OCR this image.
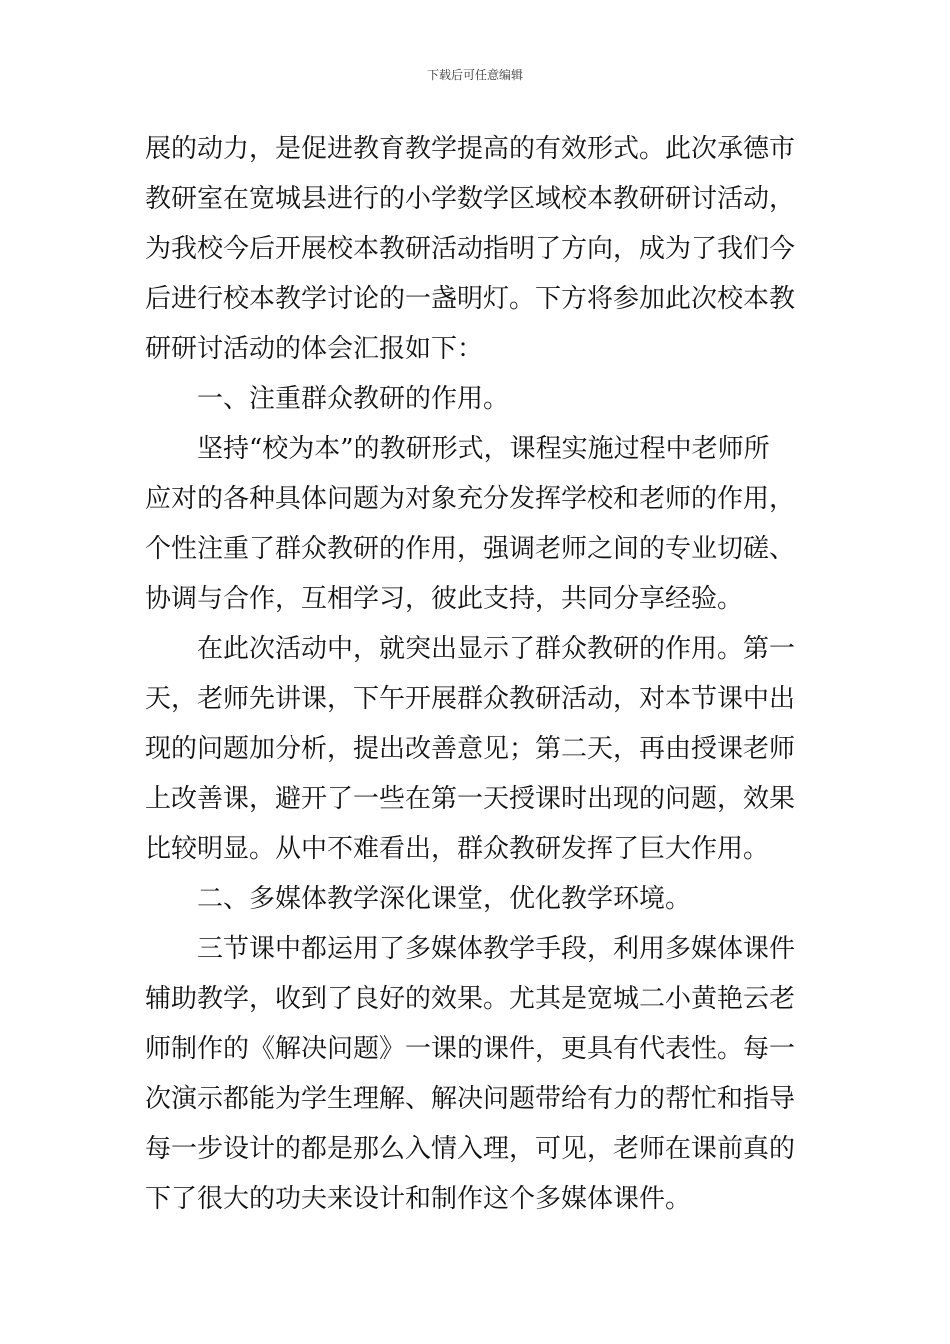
下载后可任意编辑
展的动力，是促进教育教学提高的有效形式。此次承德市
教研室在宽城县进行的小学数学区域校本教研研讨活动，
为我校今后开展校本教研活动指明了方向，成为了我们今
后进行校本教学讨论的一盏明灯。下方将参加此次校本教
研研讨活动的体会汇报如下：
一、注重群众教研的作用。
坚持“校为本”的教研形式，课程实施过程中老师所
应对的各种具体问题为对象充分发挥学校和老师的作用，
个性注重了群众教研的作用，强调老师之间的专业切磋、
协调与合作，互相学习，彼此支持，共同分享经验。
在此次活动中，就突出显示了群众教研的作用。第一
天，老师先讲课，下午开展群众教研活动，对本节课中出
现的问题加分析，提出改善意见；第二天，再由授课老师
上改善课，避开了一些在第一天授课时出现的问题，效果
比较明显。从中不难看出，群众教研发挥了巨大作用。
二、多媒体教学深化课堂，优化教学环境。
三节课中都运用了多媒体教学手段，利用多媒体课件
辅助教学，收到了良好的效果。尤其是宽城二小黄艳云老
师制作的《解决问题》一课的课件，更具有代表性。每一
次演示都能为学生理解、解决问题带给有力的帮忙和指导
每一步设计的都是那么入情入理，可见，老师在课前真的
下了很大的功夫来设计和制作这个多媒体课件。
